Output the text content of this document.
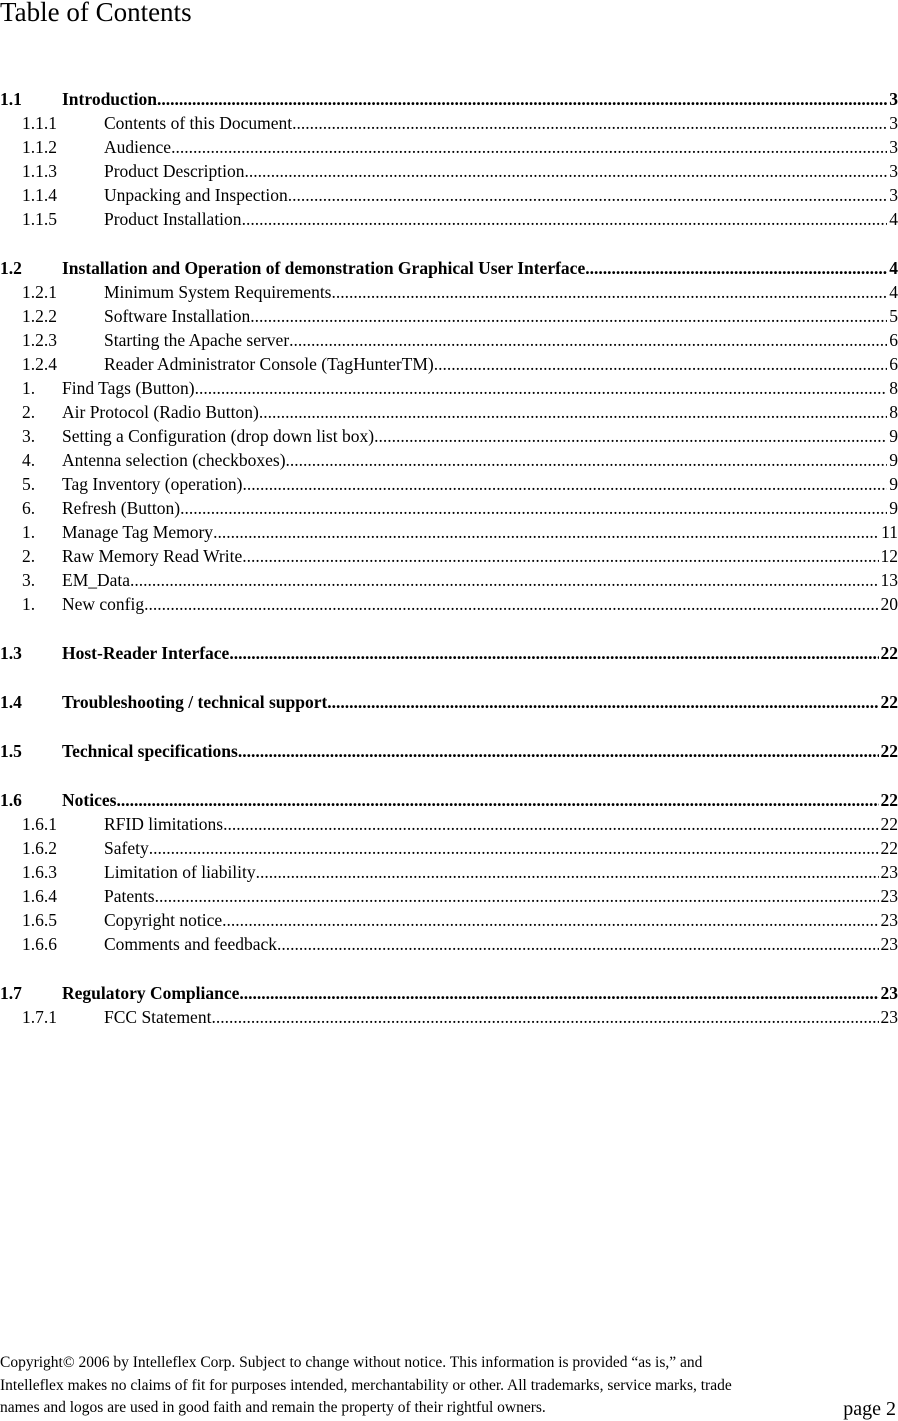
Table of Contents
1.1 Introduction .....	3
1.1.1	Contents of this Document .....	3
1.1.2	Audience .....	3
1.1.3	Product Description .....	3
1.1.4	Unpacking and Inspection .....	3
1.1.5	Product Installation .....	4
1.2 Installation and Operation of demonstration Graphical User Interface .....	4
1.2.1	Minimum System Requirements .....	4
1.2.2	Software Installation .....	5
1.2.3	Starting the Apache server .....	6
1.2.4	Reader Administrator Console (TagHunterTM) .....	6
1. Find Tags (Button) .....	8
2. Air Protocol (Radio Button) .....	8
3. Setting a Configuration (drop down list box) .....	9
4. Antenna selection (checkboxes) .....	9
5. Tag Inventory (operation) .....	9
6. Refresh (Button) .....	9
1. Manage Tag Memory .....	11
2. Raw Memory Read Write .....	12
3. EM_Data .....	13
1. New config .....	20
1.3 Host-Reader Interface .....	22
1.4 Troubleshooting / technical support .....	22
1.5 Technical specifications .....	22
1.6 Notices .....	22
1.6.1	RFID limitations .....	22
1.6.2	Safety .....	22
1.6.3	Limitation of liability .....	23
1.6.4	Patents .....	23
1.6.5	Copyright notice .....	23
1.6.6	Comments and feedback .....	23
1.7 Regulatory Compliance .....	23
1.7.1	FCC Statement .....	23
Copyright© 2006 by Intelleflex Corp. Subject to change without notice. This information is provided “as is,” and
Intelleflex makes no claims of fit for purposes intended, merchantability or other. All trademarks, service marks, trade
names and logos are used in good faith and remain the property of their rightful owners.	page 2
